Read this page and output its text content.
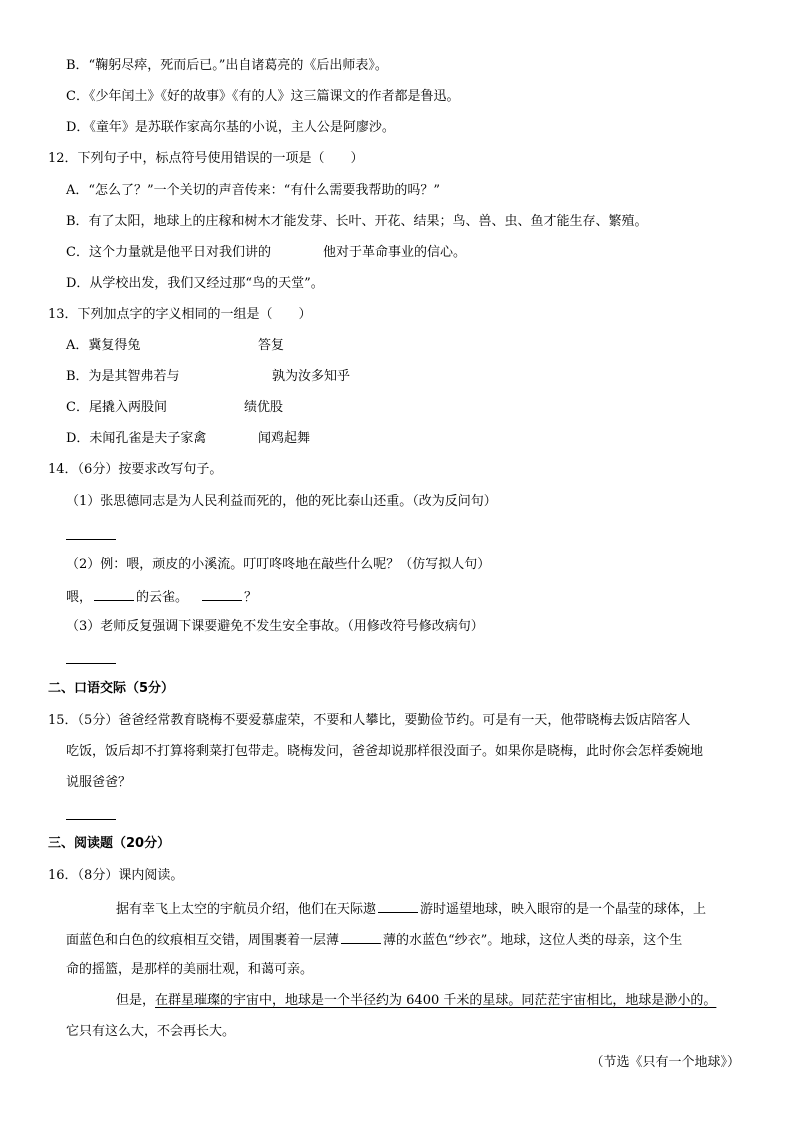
B．“鞠躬尽瘁，死而后已。”出自诸葛亮的《后出师表》。
C．《少年闰土》《好的故事》《有的人》这三篇课文的作者都是鲁迅。
D．《童年》是苏联作家高尔基的小说，主人公是阿廖沙。
12．下列句子中，标点符号使用错误的一项是（　　）
A．“怎么了？”一个关切的声音传来：“有什么需要我帮助的吗？”
B．有了太阳，地球上的庄稼和树木才能发芽、长叶、开花、结果；鸟、兽、虫、鱼才能生存、繁殖。
C．这个力量就是他平日对我们讲的	他对于革命事业的信心。
D．从学校出发，我们又经过那“鸟的天堂”。
13．下列加点字的字义相同的一组是（　　）
A．冀复得兔	答复
B．为是其智弗若与	孰为汝多知乎
C．尾撬入两股间	绩优股
D．未闻孔雀是夫子家禽	闻鸡起舞
14．（6分）按要求改写句子。
（1）张思德同志是为人民利益而死的，他的死比泰山还重。（改为反问句）
（2）例：喂，顽皮的小溪流。叮叮咚咚地在敲些什么呢？（仿写拟人句）
喂，	的云雀。	？
（3）老师反复强调下课要避免不发生安全事故。（用修改符号修改病句）
二、口语交际（5分）
15．（5分）爸爸经常教育晓梅不要爱慕虚荣，不要和人攀比，要勤俭节约。可是有一天，他带晓梅去饭店陪客人
吃饭，饭后却不打算将剩菜打包带走。晓梅发问，爸爸却说那样很没面子。如果你是晓梅，此时你会怎样委婉地
说服爸爸？
三、阅读题（20分）
16．（8分）课内阅读。
据有幸飞上太空的宇航员介绍，他们在天际遨	游时遥望地球，映入眼帘的是一个晶莹的球体，上
面蓝色和白色的纹痕相互交错，周围裹着一层薄	薄的水蓝色“纱衣”。地球，这位人类的母亲，这个生
命的摇篮，是那样的美丽壮观，和蔼可亲。
但是，在群星璀璨的宇宙中，地球是一个半径约为 6400 千米的星球。同茫茫宇宙相比，地球是渺小的。
它只有这么大，不会再长大。
（节选《只有一个地球》）
